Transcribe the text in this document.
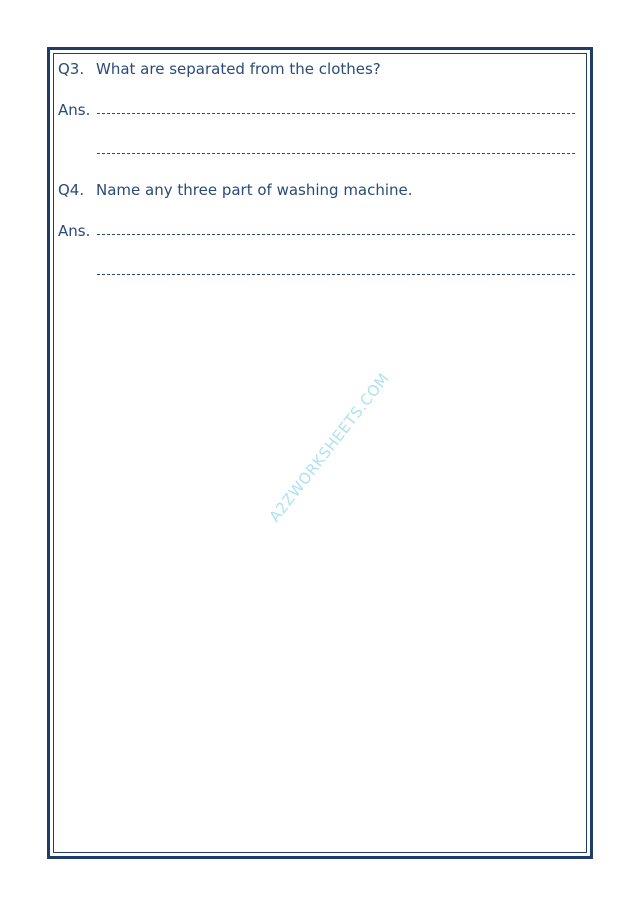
Q3. What are separated from the clothes?
Ans.
Q4. Name any three part of washing machine.
Ans.
A2ZWORKSHEETS.COM
